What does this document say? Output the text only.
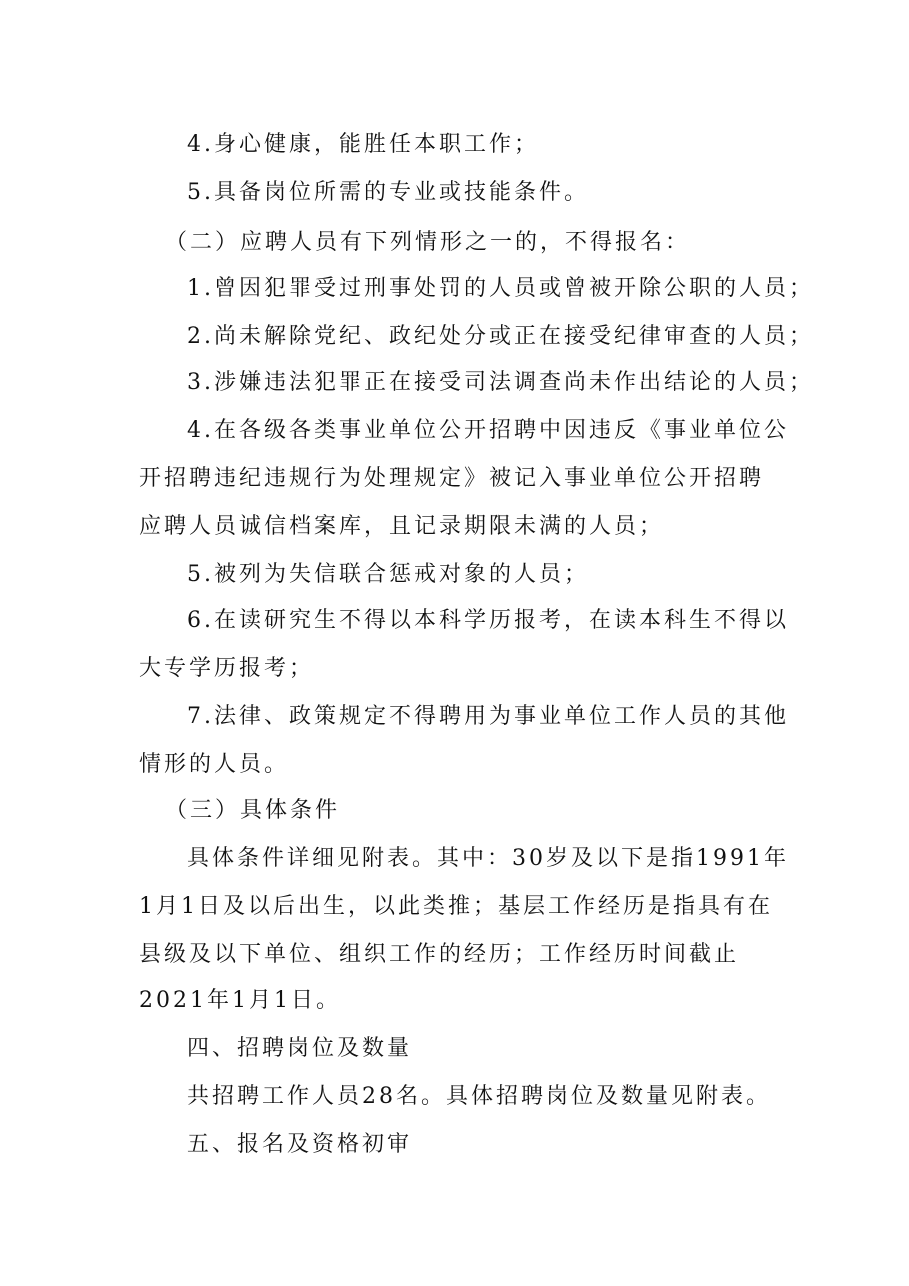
4.身心健康，能胜任本职工作；
5.具备岗位所需的专业或技能条件。
（二）应聘人员有下列情形之一的，不得报名：
1.曾因犯罪受过刑事处罚的人员或曾被开除公职的人员；
2.尚未解除党纪、政纪处分或正在接受纪律审查的人员；
3.涉嫌违法犯罪正在接受司法调查尚未作出结论的人员；
4.在各级各类事业单位公开招聘中因违反《事业单位公
开招聘违纪违规行为处理规定》被记入事业单位公开招聘
应聘人员诚信档案库，且记录期限未满的人员；
5.被列为失信联合惩戒对象的人员；
6.在读研究生不得以本科学历报考，在读本科生不得以
大专学历报考；
7.法律、政策规定不得聘用为事业单位工作人员的其他
情形的人员。
（三）具体条件
具体条件详细见附表。其中：30岁及以下是指1991年
1月1日及以后出生，以此类推；基层工作经历是指具有在
县级及以下单位、组织工作的经历；工作经历时间截止
2021年1月1日。
四、招聘岗位及数量
共招聘工作人员28名。具体招聘岗位及数量见附表。
五、报名及资格初审
